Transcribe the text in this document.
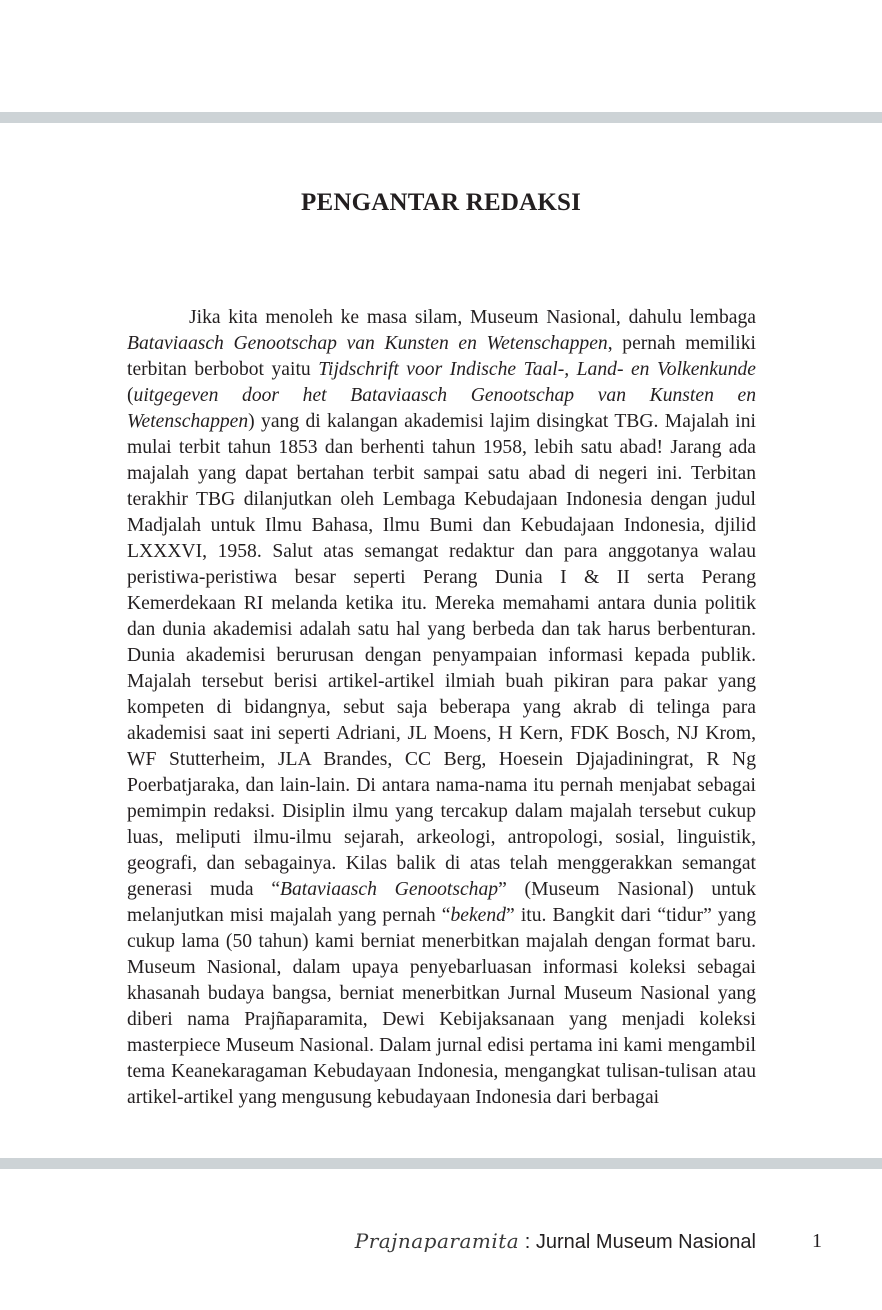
PENGANTAR REDAKSI

Jika kita menoleh ke masa silam, Museum Nasional, dahulu lembaga Bataviaasch Genootschap van Kunsten en Wetenschappen, pernah memiliki terbitan berbobot yaitu Tijdschrift voor Indische Taal-, Land- en Volkenkunde (uitgegeven door het Bataviaasch Genootschap van Kunsten en Wetenschappen) yang di kalangan akademisi lajim disingkat TBG. Majalah ini mulai terbit tahun 1853 dan berhenti tahun 1958, lebih satu abad! Jarang ada majalah yang dapat bertahan terbit sampai satu abad di negeri ini. Terbitan terakhir TBG dilanjutkan oleh Lembaga Kebudajaan Indonesia dengan judul Madjalah untuk Ilmu Bahasa, Ilmu Bumi dan Kebudajaan Indonesia, djilid LXXXVI, 1958. Salut atas semangat redaktur dan para anggotanya walau peristiwa-peristiwa besar seperti Perang Dunia I & II serta Perang Kemerdekaan RI melanda ketika itu. Mereka memahami antara dunia politik dan dunia akademisi adalah satu hal yang berbeda dan tak harus berbenturan. Dunia akademisi berurusan dengan penyampaian informasi kepada publik. Majalah tersebut berisi artikel-artikel ilmiah buah pikiran para pakar yang kompeten di bidangnya, sebut saja beberapa yang akrab di telinga para akademisi saat ini seperti Adriani, JL Moens, H Kern, FDK Bosch, NJ Krom, WF Stutterheim, JLA Brandes, CC Berg, Hoesein Djajadiningrat, R Ng Poerbatjaraka, dan lain-lain. Di antara nama-nama itu pernah menjabat sebagai pemimpin redaksi. Disiplin ilmu yang tercakup dalam majalah tersebut cukup luas, meliputi ilmu-ilmu sejarah, arkeologi, antropologi, sosial, linguistik, geografi, dan sebagainya. Kilas balik di atas telah menggerakkan semangat generasi muda “Bataviaasch Genootschap” (Museum Nasional) untuk melanjutkan misi majalah yang pernah “bekend” itu. Bangkit dari “tidur” yang cukup lama (50 tahun) kami berniat menerbitkan majalah dengan format baru. Museum Nasional, dalam upaya penyebarluasan informasi koleksi sebagai khasanah budaya bangsa, berniat menerbitkan Jurnal Museum Nasional yang diberi nama Prajñaparamita, Dewi Kebijaksanaan yang menjadi koleksi masterpiece Museum Nasional. Dalam jurnal edisi pertama ini kami mengambil tema Keanekaragaman Kebudayaan Indonesia, mengangkat tulisan-tulisan atau artikel-artikel yang mengusung kebudayaan Indonesia dari berbagai

Prajnaparamita : Jurnal Museum Nasional	1
